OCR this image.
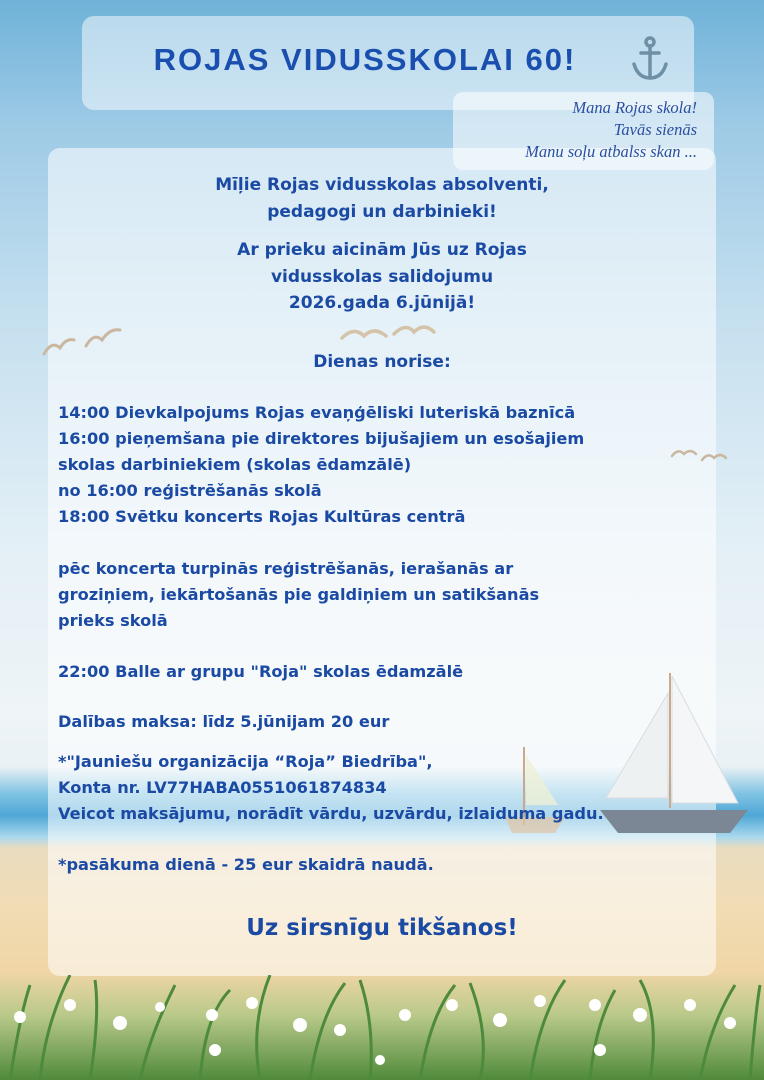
ROJAS VIDUSSKOLAI 60!
Mana Rojas skola!
Tavās sienās
Manu soļu atbalss skan ...
Mīļie Rojas vidusskolas absolventi,
pedagogi un darbinieki!
Ar prieku aicinām Jūs uz Rojas
vidusskolas salidojumu
2026.gada 6.jūnijā!
Dienas norise:
14:00 Dievkalpojums Rojas evaņģēliski luteriskā baznīcā
16:00 pieņemšana pie direktores bijušajiem un esošajiem
skolas darbiniekiem (skolas ēdamzālē)
no 16:00 reģistrēšanās skolā
18:00 Svētku koncerts Rojas Kultūras centrā
pēc koncerta turpinās reģistrēšanās, ierašanās ar
groziņiem, iekārtošanās pie galdiņiem un satikšanās
prieks skolā
22:00 Balle ar grupu "Roja" skolas ēdamzālē
Dalības maksa: līdz 5.jūnijam 20 eur
*"Jauniešu organizācija “Roja” Biedrība",
Konta nr. LV77HABA0551061874834
Veicot maksājumu, norādīt vārdu, uzvārdu, izlaiduma gadu.
*pasākuma dienā - 25 eur skaidrā naudā.
Uz sirsnīgu tikšanos!
